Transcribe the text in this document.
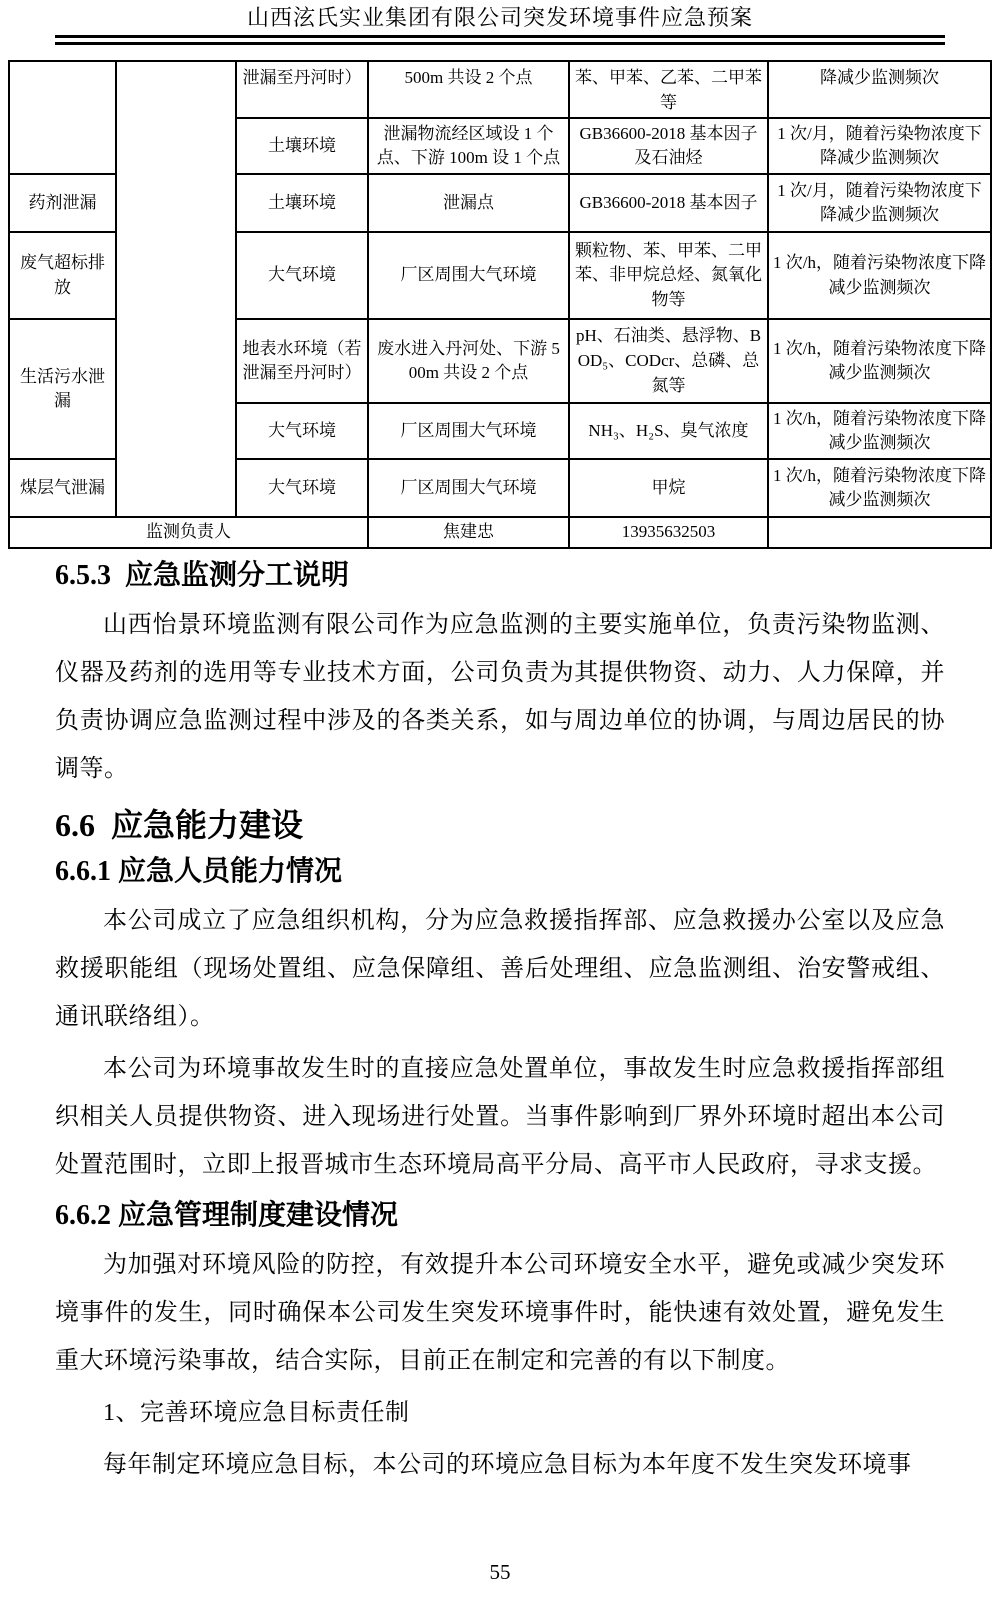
山西泫氏实业集团有限公司突发环境事件应急预案
		泄漏至丹河时）	500m 共设 2 个点	苯、甲苯、乙苯、二甲苯等	降减少监测频次
		土壤环境	泄漏物流经区域设 1 个点、下游 100m 设 1 个点	GB36600-2018 基本因子及石油烃	1 次/月，随着污染物浓度下降减少监测频次
药剂泄漏		土壤环境	泄漏点	GB36600-2018 基本因子	1 次/月，随着污染物浓度下降减少监测频次
废气超标排放		大气环境	厂区周围大气环境	颗粒物、苯、甲苯、二甲苯、非甲烷总烃、氮氧化物等	1 次/h，随着污染物浓度下降减少监测频次
生活污水泄漏		地表水环境（若泄漏至丹河时）	废水进入丹河处、下游 500m 共设 2 个点	pH、石油类、悬浮物、BOD₅、CODcr、总磷、总氮等	1 次/h，随着污染物浓度下降减少监测频次
		大气环境	厂区周围大气环境	NH₃、H₂S、臭气浓度	1 次/h，随着污染物浓度下降减少监测频次
煤层气泄漏		大气环境	厂区周围大气环境	甲烷	1 次/h，随着污染物浓度下降减少监测频次
监测负责人			焦建忠	13935632503	
6.5.3  应急监测分工说明

山西怡景环境监测有限公司作为应急监测的主要实施单位，负责污染物监测、仪器及药剂的选用等专业技术方面，公司负责为其提供物资、动力、人力保障，并负责协调应急监测过程中涉及的各类关系，如与周边单位的协调，与周边居民的协调等。

6.6  应急能力建设
6.6.1 应急人员能力情况

本公司成立了应急组织机构，分为应急救援指挥部、应急救援办公室以及应急救援职能组（现场处置组、应急保障组、善后处理组、应急监测组、治安警戒组、通讯联络组）。

本公司为环境事故发生时的直接应急处置单位，事故发生时应急救援指挥部组织相关人员提供物资、进入现场进行处置。当事件影响到厂界外环境时超出本公司处置范围时，立即上报晋城市生态环境局高平分局、高平市人民政府，寻求支援。

6.6.2 应急管理制度建设情况

为加强对环境风险的防控，有效提升本公司环境安全水平，避免或减少突发环境事件的发生，同时确保本公司发生突发环境事件时，能快速有效处置，避免发生重大环境污染事故，结合实际，目前正在制定和完善的有以下制度。

1、完善环境应急目标责任制

每年制定环境应急目标，本公司的环境应急目标为本年度不发生突发环境事

55
